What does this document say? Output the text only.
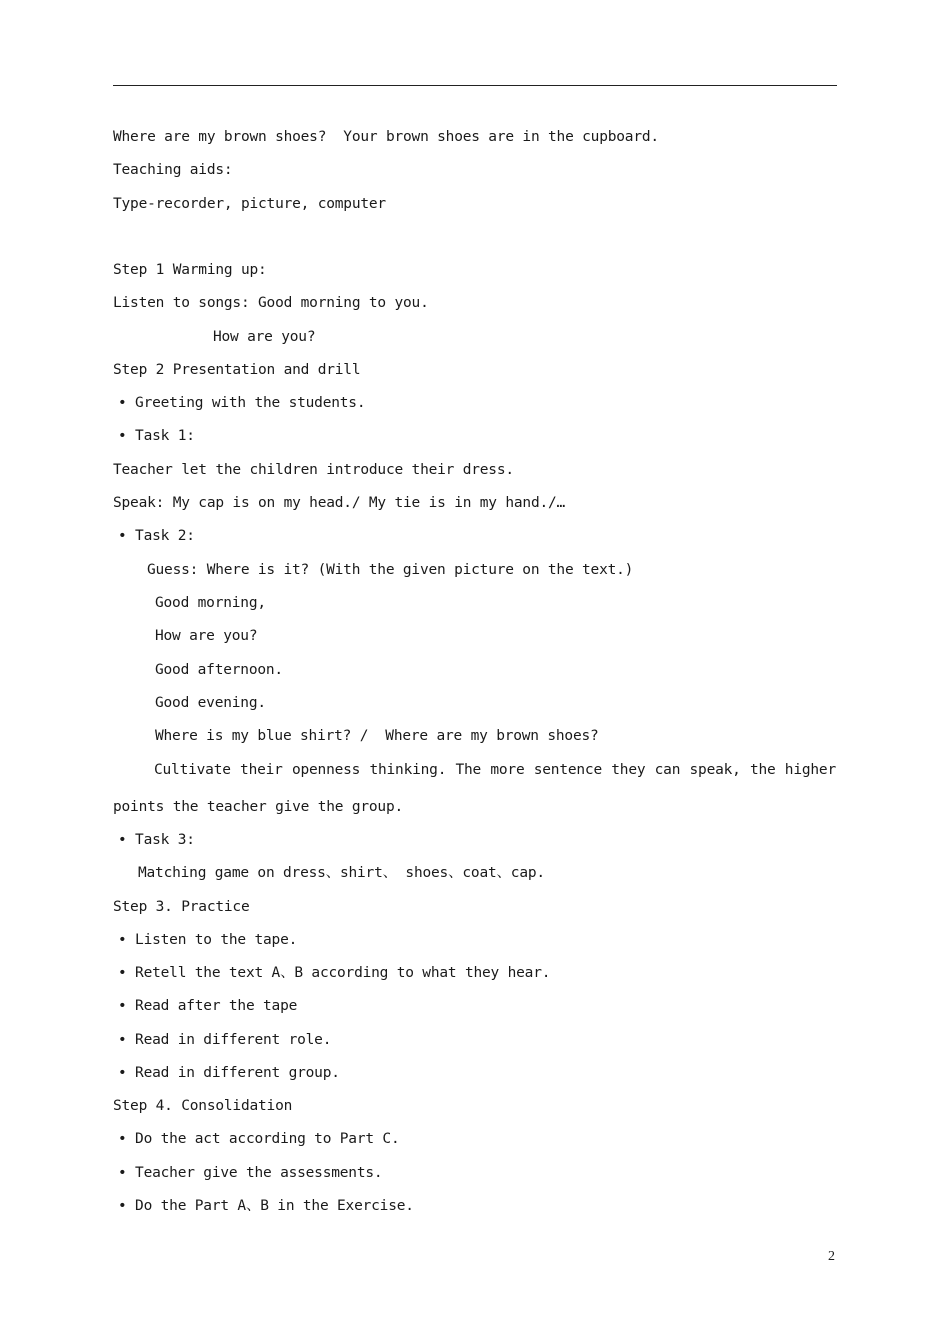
Where are my brown shoes?  Your brown shoes are in the cupboard.
Teaching aids:
Type-recorder, picture, computer
Step 1 Warming up:
Listen to songs: Good morning to you.
How are you?
Step 2 Presentation and drill
• Greeting with the students.
• Task 1:
Teacher let the children introduce their dress.
Speak: My cap is on my head./ My tie is in my hand./…
• Task 2:
Guess: Where is it? (With the given picture on the text.)
Good morning,
How are you?
Good afternoon.
Good evening.
Where is my blue shirt? /  Where are my brown shoes?
Cultivate their openness thinking. The more sentence they can speak, the higher
points the teacher give the group.
• Task 3:
Matching game on dress、shirt、 shoes、coat、cap.
Step 3. Practice
• Listen to the tape.
• Retell the text A、B according to what they hear.
• Read after the tape
• Read in different role.
• Read in different group.
Step 4. Consolidation
• Do the act according to Part C.
• Teacher give the assessments.
• Do the Part A、B in the Exercise.
2
